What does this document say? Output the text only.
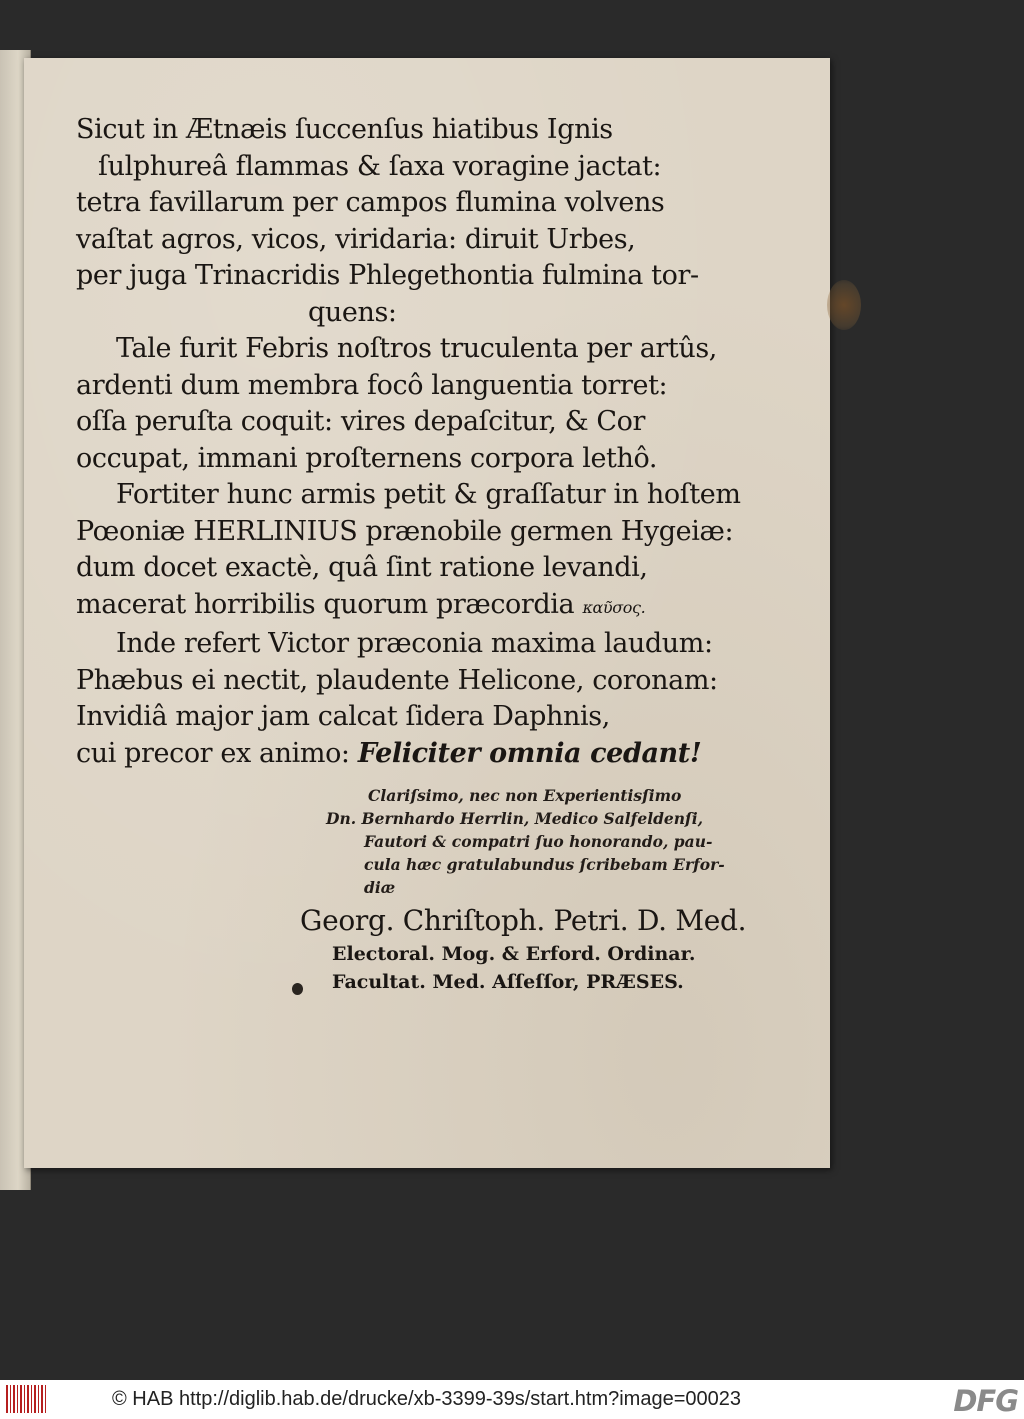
Sicut in Ætnæis ſuccenſus hiatibus Ignis

ſulphureâ flammas & ſaxa voragine jactat:

tetra favillarum per campos flumina volvens

vaſtat agros, vicos, viridaria: diruit Urbes,

per juga Trinacridis Phlegethontia fulmina tor-

quens:

Tale furit Febris noſtros truculenta per artûs,

ardenti dum membra focô languentia torret:

oſſa peruſta coquit: vires depaſcitur, & Cor

occupat, immani proſternens corpora lethô.

Fortiter hunc armis petit & graſſatur in hoſtem

Pœoniæ HERLINIUS prænobile germen Hygeiæ:

dum docet exactè, quâ ſint ratione levandi,

macerat horribilis quorum præcordia καῦσος.

Inde refert Victor præconia maxima laudum:

Phæbus ei nectit, plaudente Helicone, coronam:

Invidiâ major jam calcat ſidera Daphnis,

cui precor ex animo: Feliciter omnia cedant!

Clariſsimo, nec non Experientisſimo

Dn. Bernhardo Herrlin, Medico Salfeldenſi,

Fautori & compatri ſuo honorando, pau-

cula hæc gratulabundus ſcribebam Erfor-

diæ

Georg. Chriſtoph. Petri. D. Med.

Electoral. Mog. & Erford. Ordinar.

Facultat. Med. Aſſeſſor, PRÆSES.

© HAB http://diglib.hab.de/drucke/xb-3399-39s/start.htm?image=00023	DFG
